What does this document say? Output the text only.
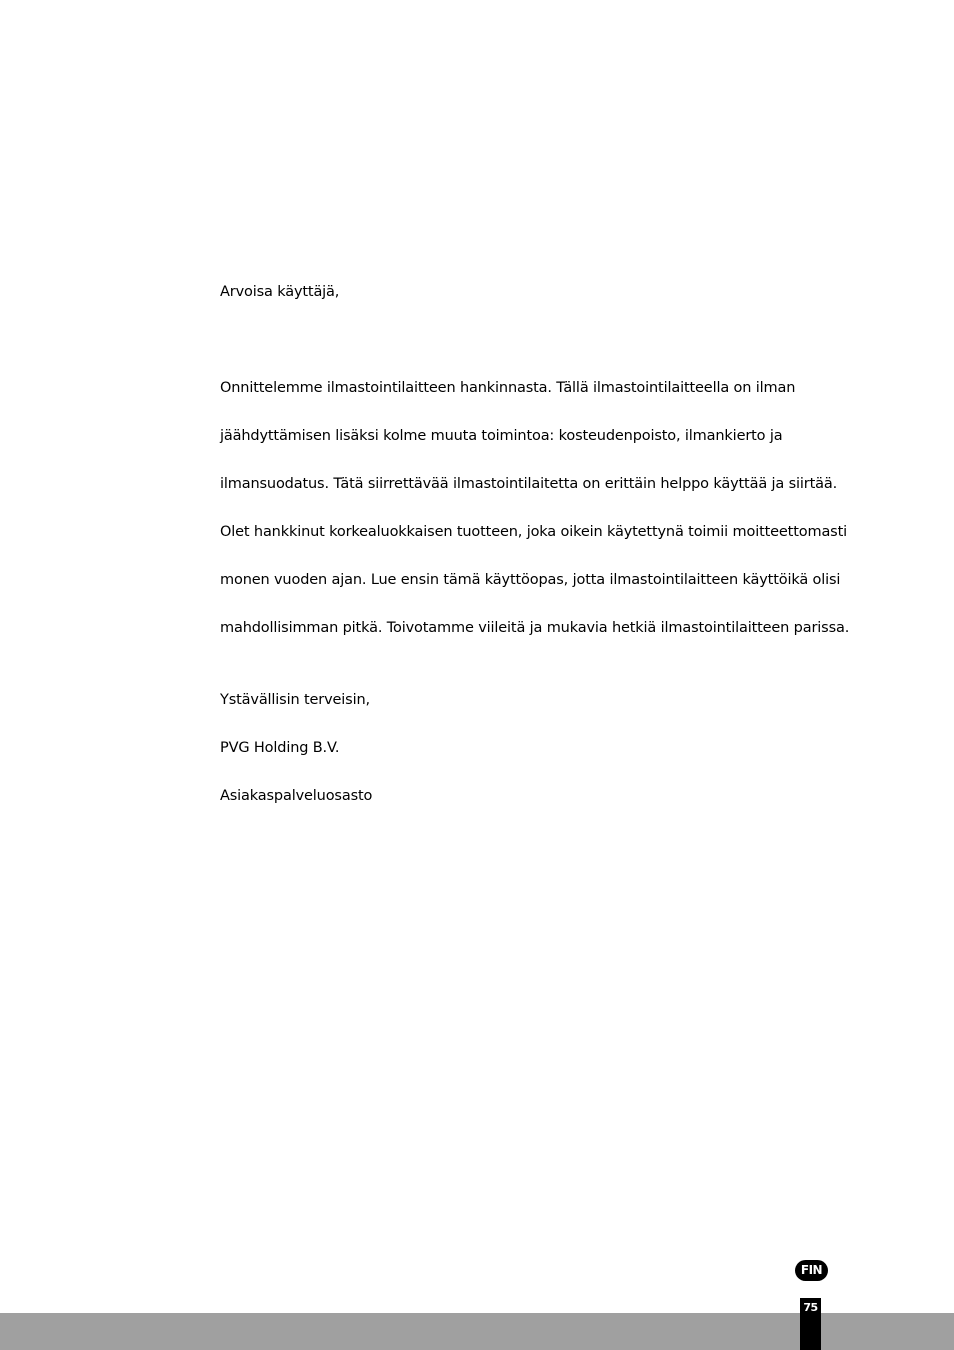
Arvoisa käyttäjä,
Onnittelemme ilmastointilaitteen hankinnasta. Tällä ilmastointilaitteella on ilman
jäähdyttämisen lisäksi kolme muuta toimintoa: kosteudenpoisto, ilmankierto ja
ilmansuodatus. Tätä siirrettävää ilmastointilaitetta on erittäin helppo käyttää ja siirtää.
Olet hankkinut korkealuokkaisen tuotteen, joka oikein käytettynä toimii moitteettomasti
monen vuoden ajan. Lue ensin tämä käyttöopas, jotta ilmastointilaitteen käyttöikä olisi
mahdollisimman pitkä. Toivotamme viileitä ja mukavia hetkiä ilmastointilaitteen parissa.
Ystävällisin terveisin,
PVG Holding B.V.
Asiakaspalveluosasto
FIN
75
